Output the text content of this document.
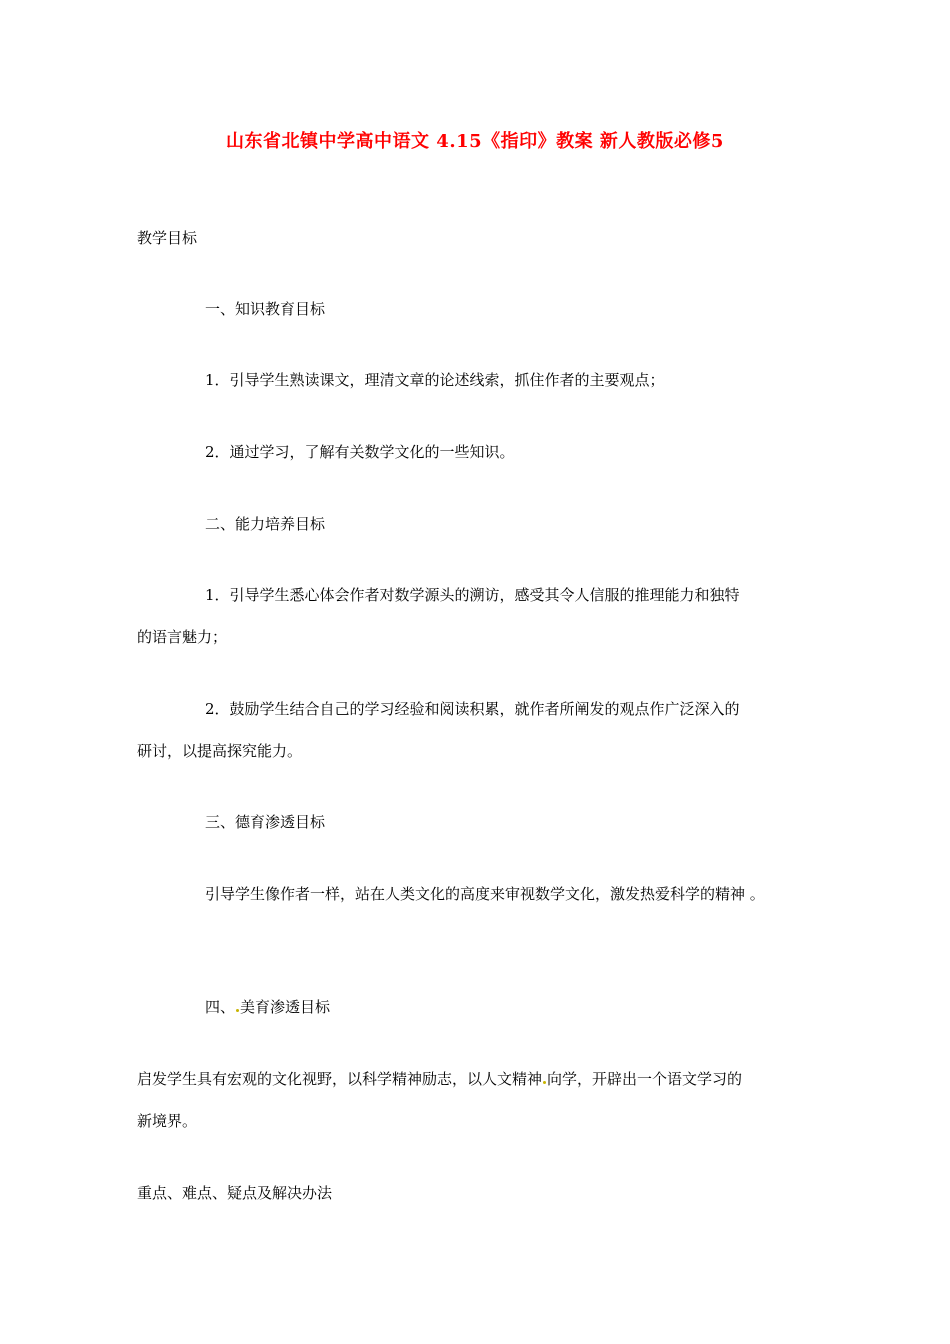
山东省北镇中学高中语文 4.15《指印》教案 新人教版必修5
教学目标
一、知识教育目标
1．引导学生熟读课文，理清文章的论述线索，抓住作者的主要观点；
2．通过学习，了解有关数学文化的一些知识。
二、能力培养目标
1．引导学生悉心体会作者对数学源头的溯访，感受其令人信服的推理能力和独特
的语言魅力；
2．鼓励学生结合自己的学习经验和阅读积累，就作者所阐发的观点作广泛深入的
研讨，以提高探究能力。
三、德育渗透目标
引导学生像作者一样，站在人类文化的高度来审视数学文化，激发热爱科学的精神 。
四、 美育渗透目标
启发学生具有宏观的文化视野，以科学精神励志，以人文精神 向学，开辟出一个语文学习的
新境界。
重点、难点、疑点及解决办法
